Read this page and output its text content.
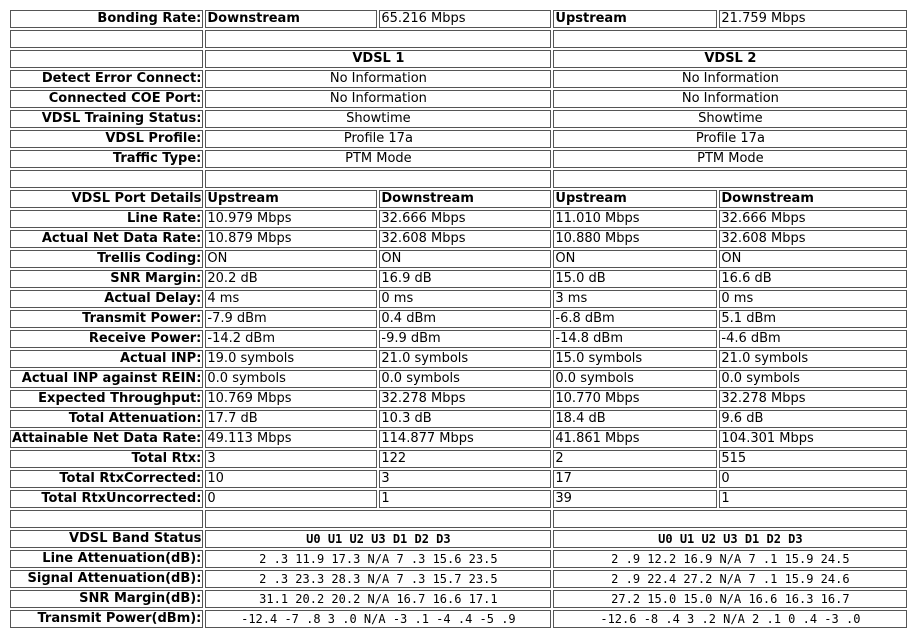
Bonding Rate:	Downstream	65.216 Mbps	Upstream	21.759 Mbps

	VDSL 1		VDSL 2	
Detect Error Connect:	No Information		No Information	
Connected COE Port:	No Information		No Information	
VDSL Training Status:	Showtime		Showtime	
VDSL Profile:	Profile 17a		Profile 17a	
Traffic Type:	PTM Mode		PTM Mode	

VDSL Port Details	Upstream	Downstream	Upstream	Downstream
Line Rate:	10.979 Mbps	32.666 Mbps	11.010 Mbps	32.666 Mbps
Actual Net Data Rate:	10.879 Mbps	32.608 Mbps	10.880 Mbps	32.608 Mbps
Trellis Coding:	ON	ON	ON	ON
SNR Margin:	20.2 dB	16.9 dB	15.0 dB	16.6 dB
Actual Delay:	4 ms	0 ms	3 ms	0 ms
Transmit Power:	-7.9 dBm	0.4 dBm	-6.8 dBm	5.1 dBm
Receive Power:	-14.2 dBm	-9.9 dBm	-14.8 dBm	-4.6 dBm
Actual INP:	19.0 symbols	21.0 symbols	15.0 symbols	21.0 symbols
Actual INP against REIN:	0.0 symbols	0.0 symbols	0.0 symbols	0.0 symbols
Expected Throughput:	10.769 Mbps	32.278 Mbps	10.770 Mbps	32.278 Mbps
Total Attenuation:	17.7 dB	10.3 dB	18.4 dB	9.6 dB
Attainable Net Data Rate:	49.113 Mbps	114.877 Mbps	41.861 Mbps	104.301 Mbps
Total Rtx:	3	122	2	515
Total RtxCorrected:	10	3	17	0
Total RtxUncorrected:	0	1	39	1

VDSL Band Status	U0 U1 U2 U3 D1 D2 D3		U0 U1 U2 U3 D1 D2 D3	
Line Attenuation(dB):	2 .3 11.9 17.3 N/A 7 .3 15.6 23.5		2 .9 12.2 16.9 N/A 7 .1 15.9 24.5	
Signal Attenuation(dB):	2 .3 23.3 28.3 N/A 7 .3 15.7 23.5		2 .9 22.4 27.2 N/A 7 .1 15.9 24.6	
SNR Margin(dB):	31.1 20.2 20.2 N/A 16.7 16.6 17.1		27.2 15.0 15.0 N/A 16.6 16.3 16.7	
Transmit Power(dBm):	-12.4 -7 .8 3 .0 N/A -3 .1 -4 .4 -5 .9		-12.6 -8 .4 3 .2 N/A 2 .1 0 .4 -3 .0	
